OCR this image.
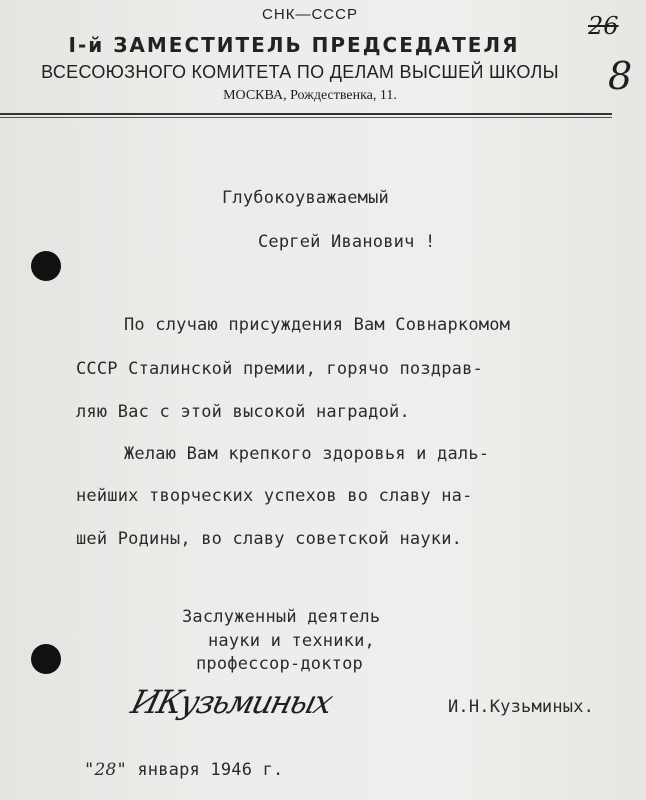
СНК—СССР
І-й ЗАМЕСТИТЕЛЬ ПРЕДСЕДАТЕЛЯ
ВСЕСОЮЗНОГО КОМИТЕТА ПО ДЕЛАМ ВЫСШЕЙ ШКОЛЫ
МОСКВА, Рождественка, 11.
26
8
Глубокоуважаемый
Сергей Иванович !
По случаю присуждения Вам Совнаркомом
СССР Сталинской премии, горячо поздрав-
ляю Вас с этой высокой наградой.
Желаю Вам крепкого здоровья и даль-
нейших творческих успехов во славу на-
шей Родины, во славу советской науки.
Заслуженный деятель
науки и техники,
профессор-доктор
ИКузьминых	И.Н.Кузьминых.
"28" января 1946 г.
